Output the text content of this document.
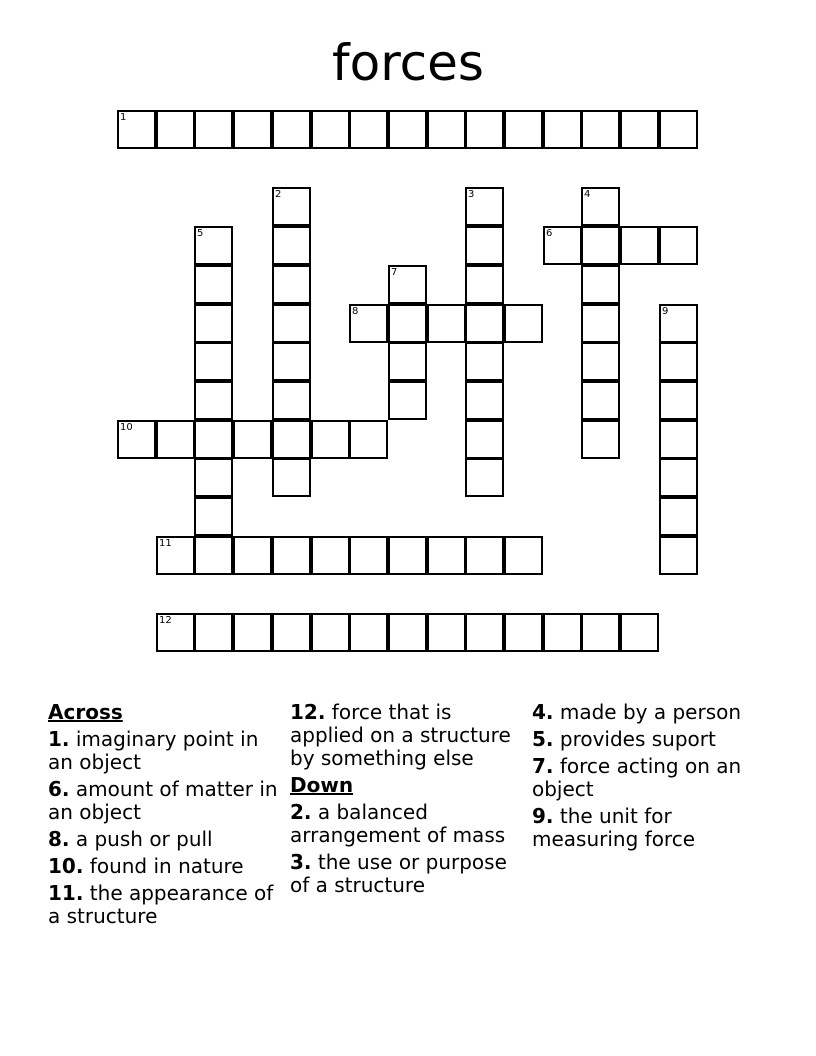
forces
1
2	3	4
5	6
7
8	9
10
11
12
Across
1. imaginary point in an object
6. amount of matter in an object
8. a push or pull
10. found in nature
11. the appearance of a structure
12. force that is applied on a structure by something else
Down
2. a balanced arrangement of mass
3. the use or purpose of a structure
4. made by a person
5. provides suport
7. force acting on an object
9. the unit for measuring force
